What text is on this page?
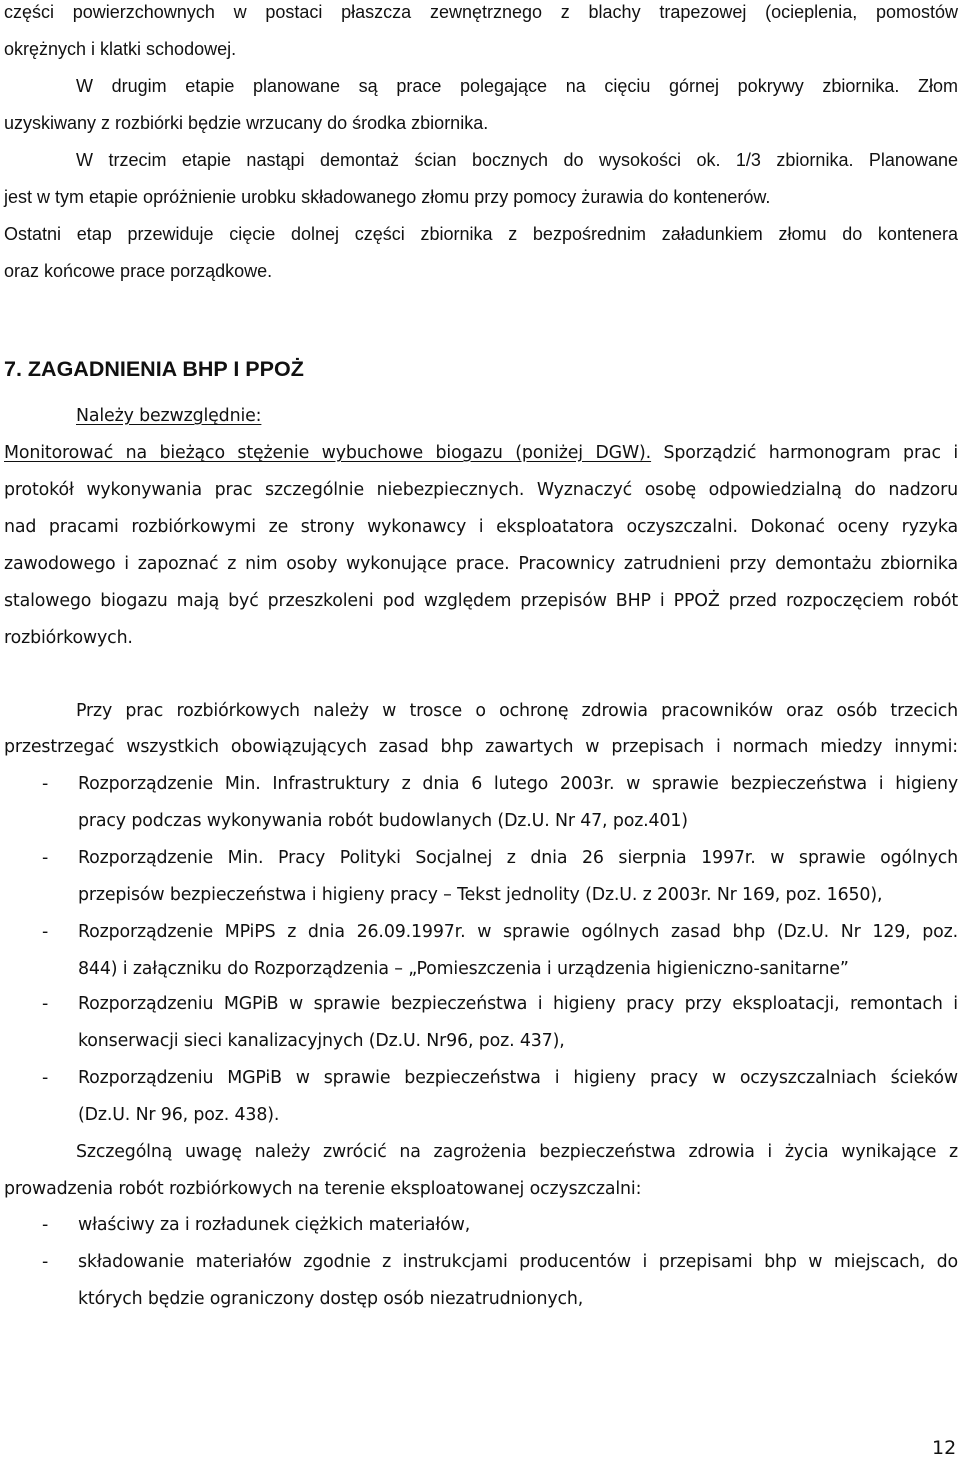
części powierzchownych w postaci płaszcza zewnętrznego z blachy trapezowej (ocieplenia, pomostów
okrężnych i klatki schodowej.
W drugim etapie planowane są prace polegające na cięciu górnej pokrywy zbiornika. Złom
uzyskiwany z rozbiórki będzie wrzucany do środka zbiornika.
W trzecim etapie nastąpi demontaż ścian bocznych do wysokości ok. 1/3 zbiornika. Planowane
jest w tym etapie opróżnienie urobku składowanego złomu przy pomocy żurawia do kontenerów.
Ostatni etap przewiduje cięcie dolnej części zbiornika z bezpośrednim załadunkiem złomu do kontenera
oraz końcowe prace porządkowe.
7. ZAGADNIENIA BHP I PPOŻ
Należy bezwzględnie:
Monitorować na bieżąco stężenie wybuchowe biogazu (poniżej DGW). Sporządzić harmonogram prac i
protokół wykonywania prac szczególnie niebezpiecznych. Wyznaczyć osobę odpowiedzialną do nadzoru
nad pracami rozbiórkowymi ze strony wykonawcy i eksploatatora oczyszczalni. Dokonać oceny ryzyka
zawodowego i zapoznać z nim osoby wykonujące prace. Pracownicy zatrudnieni przy demontażu zbiornika
stalowego biogazu mają być przeszkoleni pod względem przepisów BHP i PPOŻ przed rozpoczęciem robót
rozbiórkowych.
Przy prac rozbiórkowych należy w trosce o ochronę zdrowia pracowników oraz osób trzecich
przestrzegać wszystkich obowiązujących zasad bhp zawartych w przepisach i normach miedzy innymi:
- Rozporządzenie Min. Infrastruktury z dnia 6 lutego 2003r. w sprawie bezpieczeństwa i higieny
pracy podczas wykonywania robót budowlanych (Dz.U. Nr 47, poz.401)
- Rozporządzenie Min. Pracy Polityki Socjalnej z dnia 26 sierpnia 1997r. w sprawie ogólnych
przepisów bezpieczeństwa i higieny pracy – Tekst jednolity (Dz.U. z 2003r. Nr 169, poz. 1650),
- Rozporządzenie MPiPS z dnia 26.09.1997r. w sprawie ogólnych zasad bhp (Dz.U. Nr 129, poz.
844) i załączniku do Rozporządzenia – „Pomieszczenia i urządzenia higieniczno-sanitarne”
- Rozporządzeniu MGPiB w sprawie bezpieczeństwa i higieny pracy przy eksploatacji, remontach i
konserwacji sieci kanalizacyjnych (Dz.U. Nr96, poz. 437),
- Rozporządzeniu MGPiB w sprawie bezpieczeństwa i higieny pracy w oczyszczalniach ścieków
(Dz.U. Nr 96, poz. 438).
Szczególną uwagę należy zwrócić na zagrożenia bezpieczeństwa zdrowia i życia wynikające z
prowadzenia robót rozbiórkowych na terenie eksploatowanej oczyszczalni:
- właściwy za i rozładunek ciężkich materiałów,
- składowanie materiałów zgodnie z instrukcjami producentów i przepisami bhp w miejscach, do
których będzie ograniczony dostęp osób niezatrudnionych,
12
